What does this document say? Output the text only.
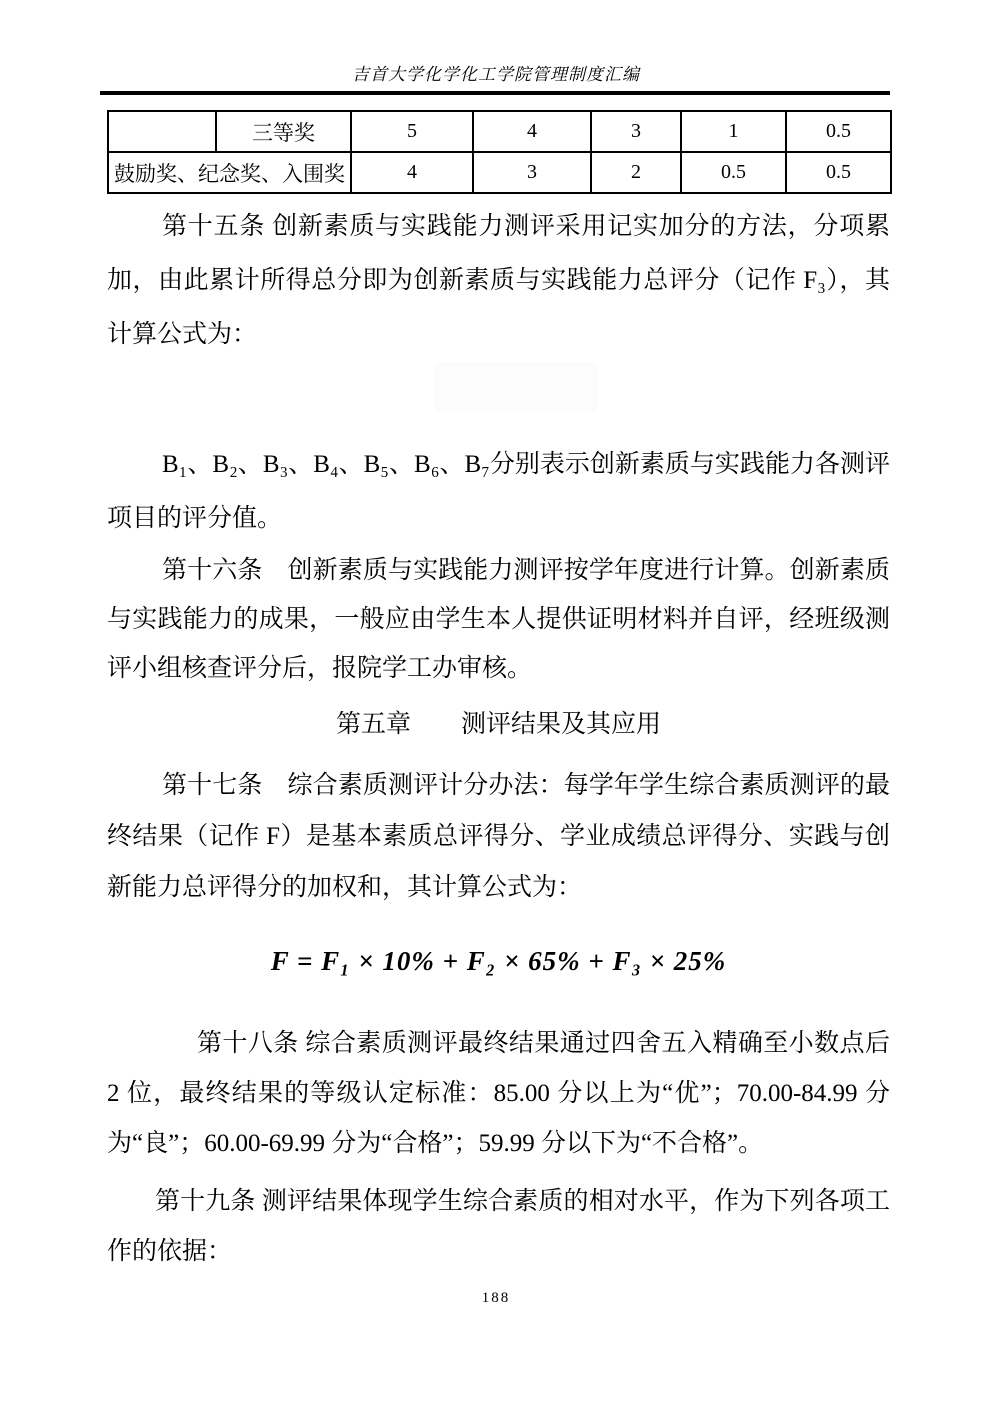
吉首大学化学化工学院管理制度汇编
	三等奖	5	4	3	1	0.5
鼓励奖、纪念奖、入围奖		4	3	2	0.5	0.5

第十五条 创新素质与实践能力测评采用记实加分的方法，分项累加，由此累计所得总分即为创新素质与实践能力总评分（记作 F₃），其计算公式为：

B₁、B₂、B₃、B₄、B₅、B₆、B₇分别表示创新素质与实践能力各测评项目的评分值。

第十六条　创新素质与实践能力测评按学年度进行计算。创新素质与实践能力的成果，一般应由学生本人提供证明材料并自评，经班级测评小组核查评分后，报院学工办审核。

第五章　　测评结果及其应用

第十七条　综合素质测评计分办法：每学年学生综合素质测评的最终结果（记作 F）是基本素质总评得分、学业成绩总评得分、实践与创新能力总评得分的加权和，其计算公式为：

F = F₁ × 10% + F₂ × 65% + F₃ × 25%

第十八条 综合素质测评最终结果通过四舍五入精确至小数点后 2 位，最终结果的等级认定标准：85.00 分以上为“优”；70.00-84.99 分为“良”；60.00-69.99 分为“合格”；59.99 分以下为“不合格”。

第十九条 测评结果体现学生综合素质的相对水平，作为下列各项工作的依据：

188
